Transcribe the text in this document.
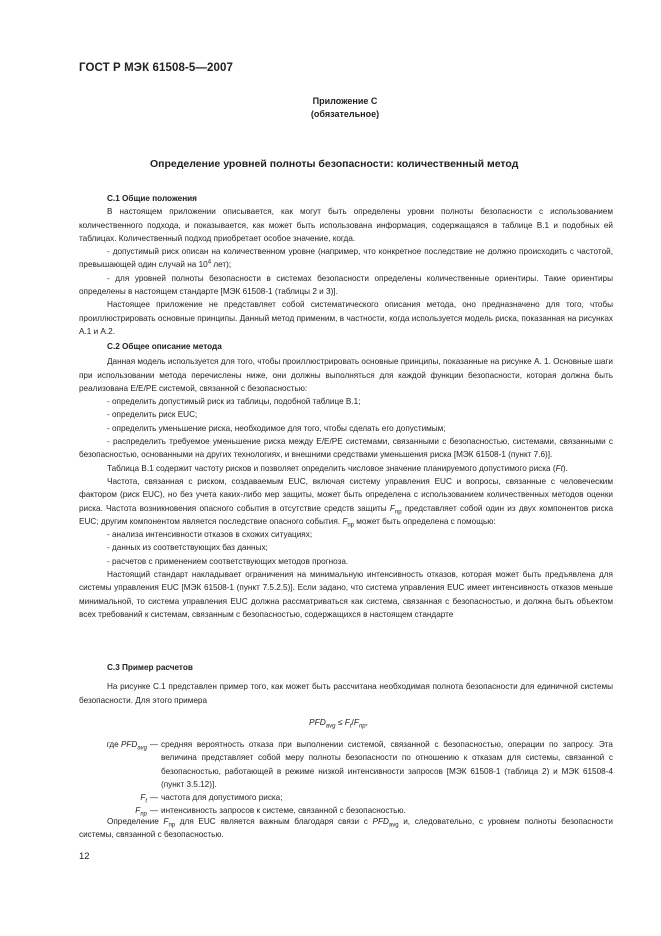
ГОСТ Р МЭК 61508-5—2007
Приложение С
(обязательное)
Определение уровней полноты безопасности: количественный метод

С.1 Общие положения

В настоящем приложении описывается, как могут быть определены уровни полноты безопасности с использованием количественного подхода, и показывается, как может быть использована информация, содержащаяся в таблице В.1 и подобных ей таблицах. Количественный подход приобретает особое значение, когда.

- допустимый риск описан на количественном уровне (например, что конкретное последствие не должно происходить с частотой, превышающей один случай на $10^4$ лет);

- для уровней полноты безопасности в системах безопасности определены количественные ориентиры. Такие ориентиры определены в настоящем стандарте [МЭК 61508-1 (таблицы 2 и 3)].

Настоящее приложение не представляет собой систематического описания метода, оно предназначено для того, чтобы проиллюстрировать основные принципы. Данный метод применим, в частности, когда используется модель риска, показанная на рисунках А.1 и А.2.

С.2 Общее описание метода

Данная модель используется для того, чтобы проиллюстрировать основные принципы, показанные на рисунке А. 1. Основные шаги при использовании метода перечислены ниже, они должны выполняться для каждой функции безопасности, которая должна быть реализована E/E/PE системой, связанной с безопасностью:

- определить допустимый риск из таблицы, подобной таблице В.1;

- определить риск EUC;

- определить уменьшение риска, необходимое для того, чтобы сделать его допустимым;

- распределить требуемое уменьшение риска между E/E/PE системами, связанными с безопасностью, системами, связанными с безопасностью, основанными на других технологиях, и внешними средствами уменьшения риска [МЭК 61508-1 (пункт 7.6)].

Таблица В.1 содержит частоту рисков и позволяет определить числовое значение планируемого допустимого риска (Ft).

Частота, связанная с риском, создаваемым EUC, включая систему управления EUC и вопросы, связанные с человеческим фактором (риск EUC), но без учета каких-либо мер защиты, может быть определена с использованием количественных методов оценки риска. Частота возникновения опасного события в отсутствие средств защиты $F_{np}$ представляет собой один из двух компонентов риска EUC; другим компонентом является последствие опасного события. $F_{np}$ может быть определена с помощью:

- анализа интенсивности отказов в схожих ситуациях;

- данных из соответствующих баз данных;

- расчетов с применением соответствующих методов прогноза.

Настоящий стандарт накладывает ограничения на минимальную интенсивность отказов, которая может быть предъявлена для системы управления EUC [МЭК 61508-1 (пункт 7.5.2.5)]. Если задано, что система управления EUC имеет интенсивность отказов меньше минимальной, то система управления EUC должна рассматриваться как система, связанная с безопасностью, и должна быть объектом всех требований к системам, связанным с безопасностью, содержащихся в настоящем стандарте

С.3 Пример расчетов

На рисунке С.1 представлен пример того, как может быть рассчитана необходимая полнота безопасности для единичной системы безопасности. Для этого примера

$PFD_{avg} \le F_t/F_{np}$,
где $PFD_{avg}$ — средняя вероятность отказа при выполнении системой, связанной с безопасностью, операции по запросу. Эта величина представляет собой меру полноты безопасности по отношению к отказам для системы, связанной с безопасностью, работающей в режиме низкой интенсивности запросов [МЭК 61508-1 (таблица 2) и МЭК 61508-4 (пункт 3.5.12)].
$F_t$ — частота для допустимого риска;
$F_{np}$ — интенсивность запросов к системе, связанной с безопасностью.

Определение $F_{np}$ для EUC является важным благодаря связи с $PFD_{avg}$ и, следовательно, с уровнем полноты безопасности системы, связанной с безопасностью.

12
